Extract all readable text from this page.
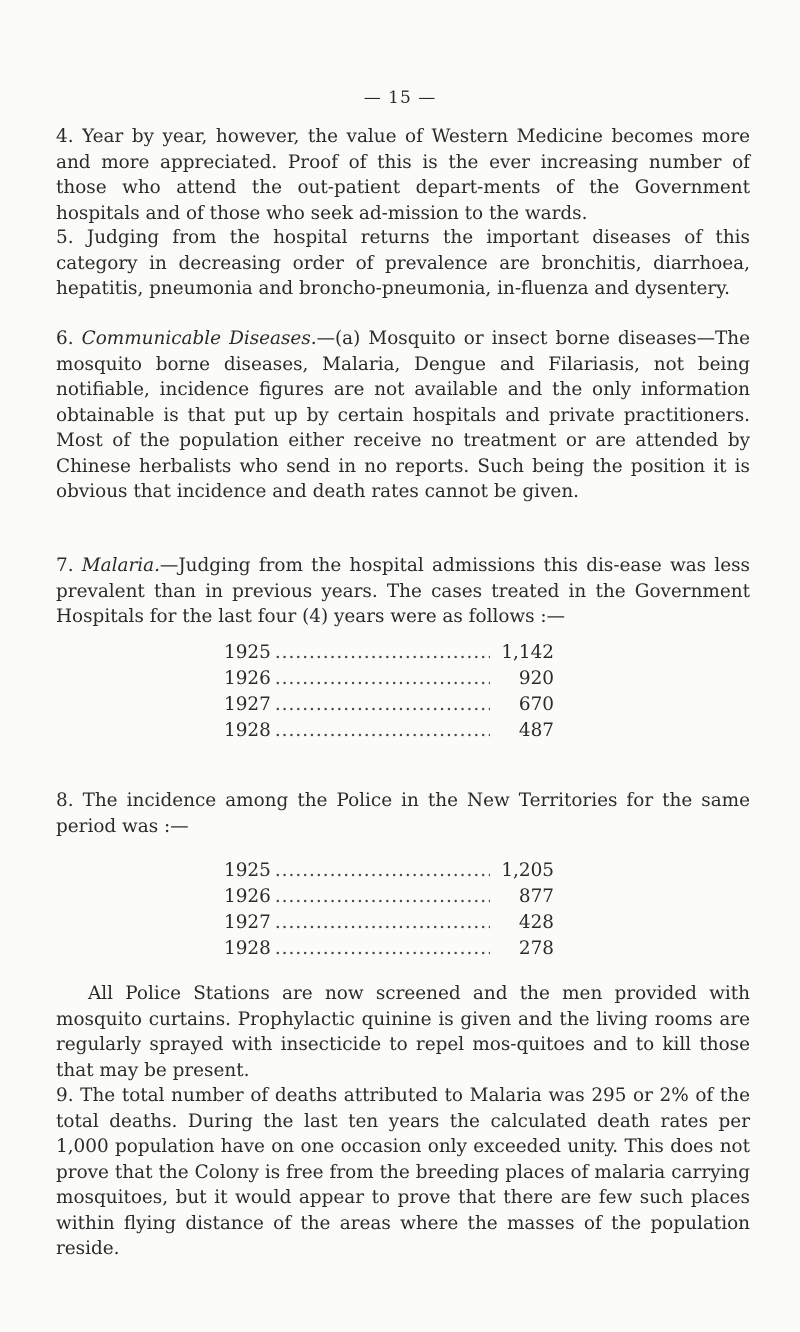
— 15 —

4. Year by year, however, the value of Western Medicine becomes more and more appreciated. Proof of this is the ever increasing number of those who attend the out-patient depart-ments of the Government hospitals and of those who seek ad-mission to the wards.

5. Judging from the hospital returns the important diseases of this category in decreasing order of prevalence are bronchitis, diarrhoea, hepatitis, pneumonia and broncho-pneumonia, in-fluenza and dysentery.

6. Communicable Diseases.—(a) Mosquito or insect borne diseases—The mosquito borne diseases, Malaria, Dengue and Filariasis, not being notifiable, incidence figures are not available and the only information obtainable is that put up by certain hospitals and private practitioners. Most of the population either receive no treatment or are attended by Chinese herbalists who send in no reports. Such being the position it is obvious that incidence and death rates cannot be given.

7. Malaria.—Judging from the hospital admissions this dis-ease was less prevalent than in previous years. The cases treated in the Government Hospitals for the last four (4) years were as follows :—

1925 .....	1,142
1926 .....	920
1927 .....	670
1928 .....	487

8. The incidence among the Police in the New Territories for the same period was :—

1925 .....	1,205
1926 .....	877
1927 .....	428
1928 .....	278

All Police Stations are now screened and the men provided with mosquito curtains. Prophylactic quinine is given and the living rooms are regularly sprayed with insecticide to repel mos-quitoes and to kill those that may be present.

9. The total number of deaths attributed to Malaria was 295 or 2% of the total deaths. During the last ten years the calculated death rates per 1,000 population have on one occasion only exceeded unity. This does not prove that the Colony is free from the breeding places of malaria carrying mosquitoes, but it would appear to prove that there are few such places within flying distance of the areas where the masses of the population reside.
